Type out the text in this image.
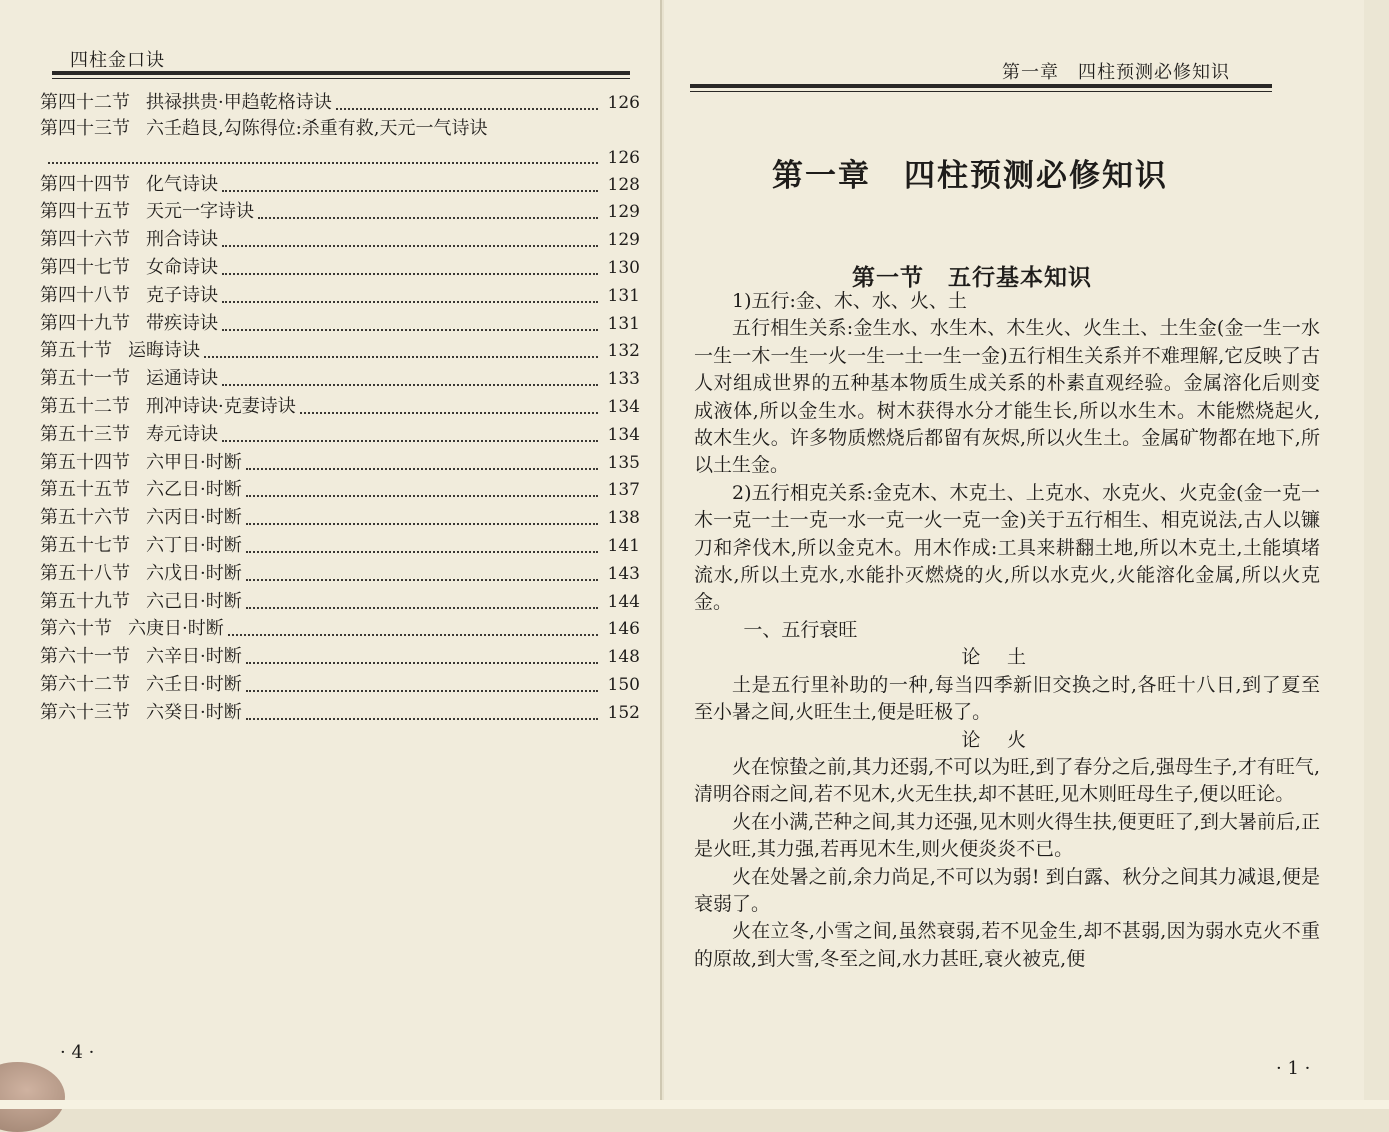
四柱金口诀
第四十二节 拱禄拱贵·甲趋乾格诗诀	126
第四十三节 六壬趋艮,勾陈得位:杀重有救,天元一气诗诀
126
第四十四节 化气诗诀	128
第四十五节 天元一字诗诀	129
第四十六节 刑合诗诀	129
第四十七节 女命诗诀	130
第四十八节 克子诗诀	131
第四十九节 带疾诗诀	131
第五十节 运晦诗诀	132
第五十一节 运通诗诀	133
第五十二节 刑冲诗诀·克妻诗诀	134
第五十三节 寿元诗诀	134
第五十四节 六甲日·时断	135
第五十五节 六乙日·时断	137
第五十六节 六丙日·时断	138
第五十七节 六丁日·时断	141
第五十八节 六戊日·时断	143
第五十九节 六己日·时断	144
第六十节 六庚日·时断	146
第六十一节 六辛日·时断	148
第六十二节 六壬日·时断	150
第六十三节 六癸日·时断	152
· 4 ·
第一章　四柱预测必修知识
第一章　四柱预测必修知识
第一节　五行基本知识

1)五行:金、木、水、火、土

五行相生关系:金生水、水生木、木生火、火生土、土生金(金一生一水一生一木一生一火一生一土一生一金)五行相生关系并不难理解,它反映了古人对组成世界的五种基本物质生成关系的朴素直观经验。金属溶化后则变成液体,所以金生水。树木获得水分才能生长,所以水生木。木能燃烧起火,故木生火。许多物质燃烧后都留有灰烬,所以火生土。金属矿物都在地下,所以土生金。

2)五行相克关系:金克木、木克土、上克水、水克火、火克金(金一克一木一克一土一克一水一克一火一克一金)关于五行相生、相克说法,古人以镰刀和斧伐木,所以金克木。用木作成:工具来耕翻土地,所以木克土,土能填堵流水,所以土克水,水能扑灭燃烧的火,所以水克火,火能溶化金属,所以火克金。

一、五行衰旺

论土

土是五行里补助的一种,每当四季新旧交换之时,各旺十八日,到了夏至至小暑之间,火旺生土,便是旺极了。

论火

火在惊蛰之前,其力还弱,不可以为旺,到了春分之后,强母生子,才有旺气,清明谷雨之间,若不见木,火无生扶,却不甚旺,见木则旺母生子,便以旺论。

火在小满,芒种之间,其力还强,见木则火得生扶,便更旺了,到大暑前后,正是火旺,其力强,若再见木生,则火便炎炎不已。

火在处暑之前,余力尚足,不可以为弱! 到白露、秋分之间其力减退,便是衰弱了。

火在立冬,小雪之间,虽然衰弱,若不见金生,却不甚弱,因为弱水克火不重的原故,到大雪,冬至之间,水力甚旺,衰火被克,便

· 1 ·
